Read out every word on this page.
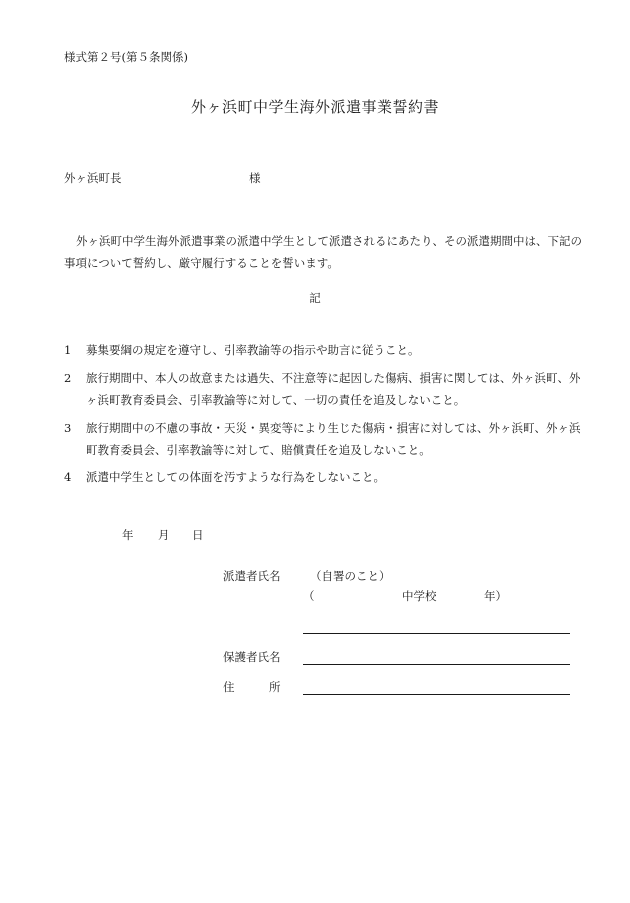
様式第２号(第５条関係)
外ヶ浜町中学生海外派遣事業誓約書
外ヶ浜町長	様
外ヶ浜町中学生海外派遣事業の派遣中学生として派遣されるにあたり、その派遣期間中は、下記の事項について誓約し、厳守履行することを誓います。
記
1	募集要綱の規定を遵守し、引率教諭等の指示や助言に従うこと。
2	旅行期間中、本人の故意または過失、不注意等に起因した傷病、損害に関しては、外ヶ浜町、外ヶ浜町教育委員会、引率教諭等に対して、一切の責任を追及しないこと。
3	旅行期間中の不慮の事故・天災・異変等により生じた傷病・損害に対しては、外ヶ浜町、外ヶ浜町教育委員会、引率教諭等に対して、賠償責任を追及しないこと。
4	派遣中学生としての体面を汚すような行為をしないこと。
年 月 日
派遣者氏名	（自署のこと）
（	中学校	年）
保護者氏名
住　　　所
